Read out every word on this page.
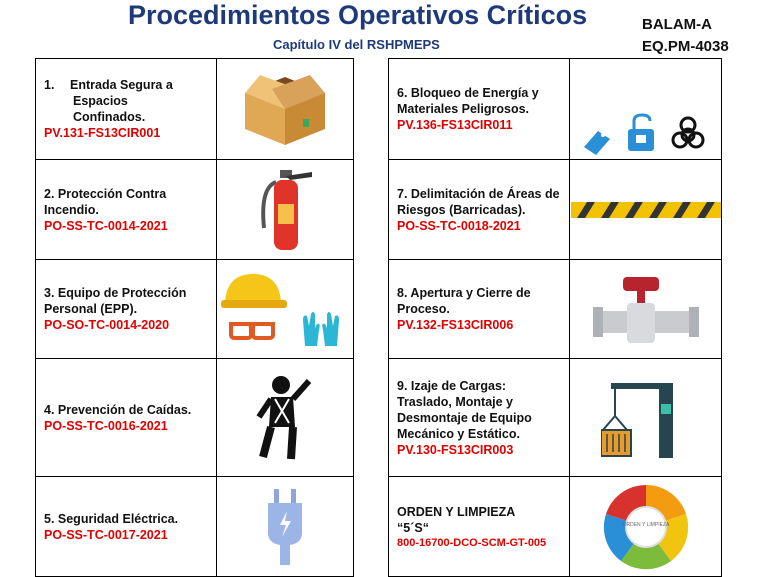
Procedimientos Operativos Críticos
Capítulo IV del RSHPMEPS
BALAM-A
EQ.PM-4038
1. Entrada Segura a
Espacios
Confinados.
PV.131-FS13CIR001

2. Protección Contra Incendio.
PO-SS-TC-0014-2021

3. Equipo de Protección Personal (EPP).
PO-SO-TC-0014-2020

4. Prevención de Caídas.
PO-SS-TC-0016-2021

5. Seguridad Eléctrica.
PO-SS-TC-0017-2021

6. Bloqueo de Energía y Materiales Peligrosos.
PV.136-FS13CIR011

7. Delimitación de Áreas de Riesgos (Barricadas).
PO-SS-TC-0018-2021

8. Apertura y Cierre de Proceso.
PV.132-FS13CIR006

9. Izaje de Cargas: Traslado, Montaje y Desmontaje de Equipo Mecánico y Estático.
PV.130-FS13CIR003

ORDEN Y LIMPIEZA
“5´S“
800-16700-DCO-SCM-GT-005	ORDEN Y LIMPIEZA
